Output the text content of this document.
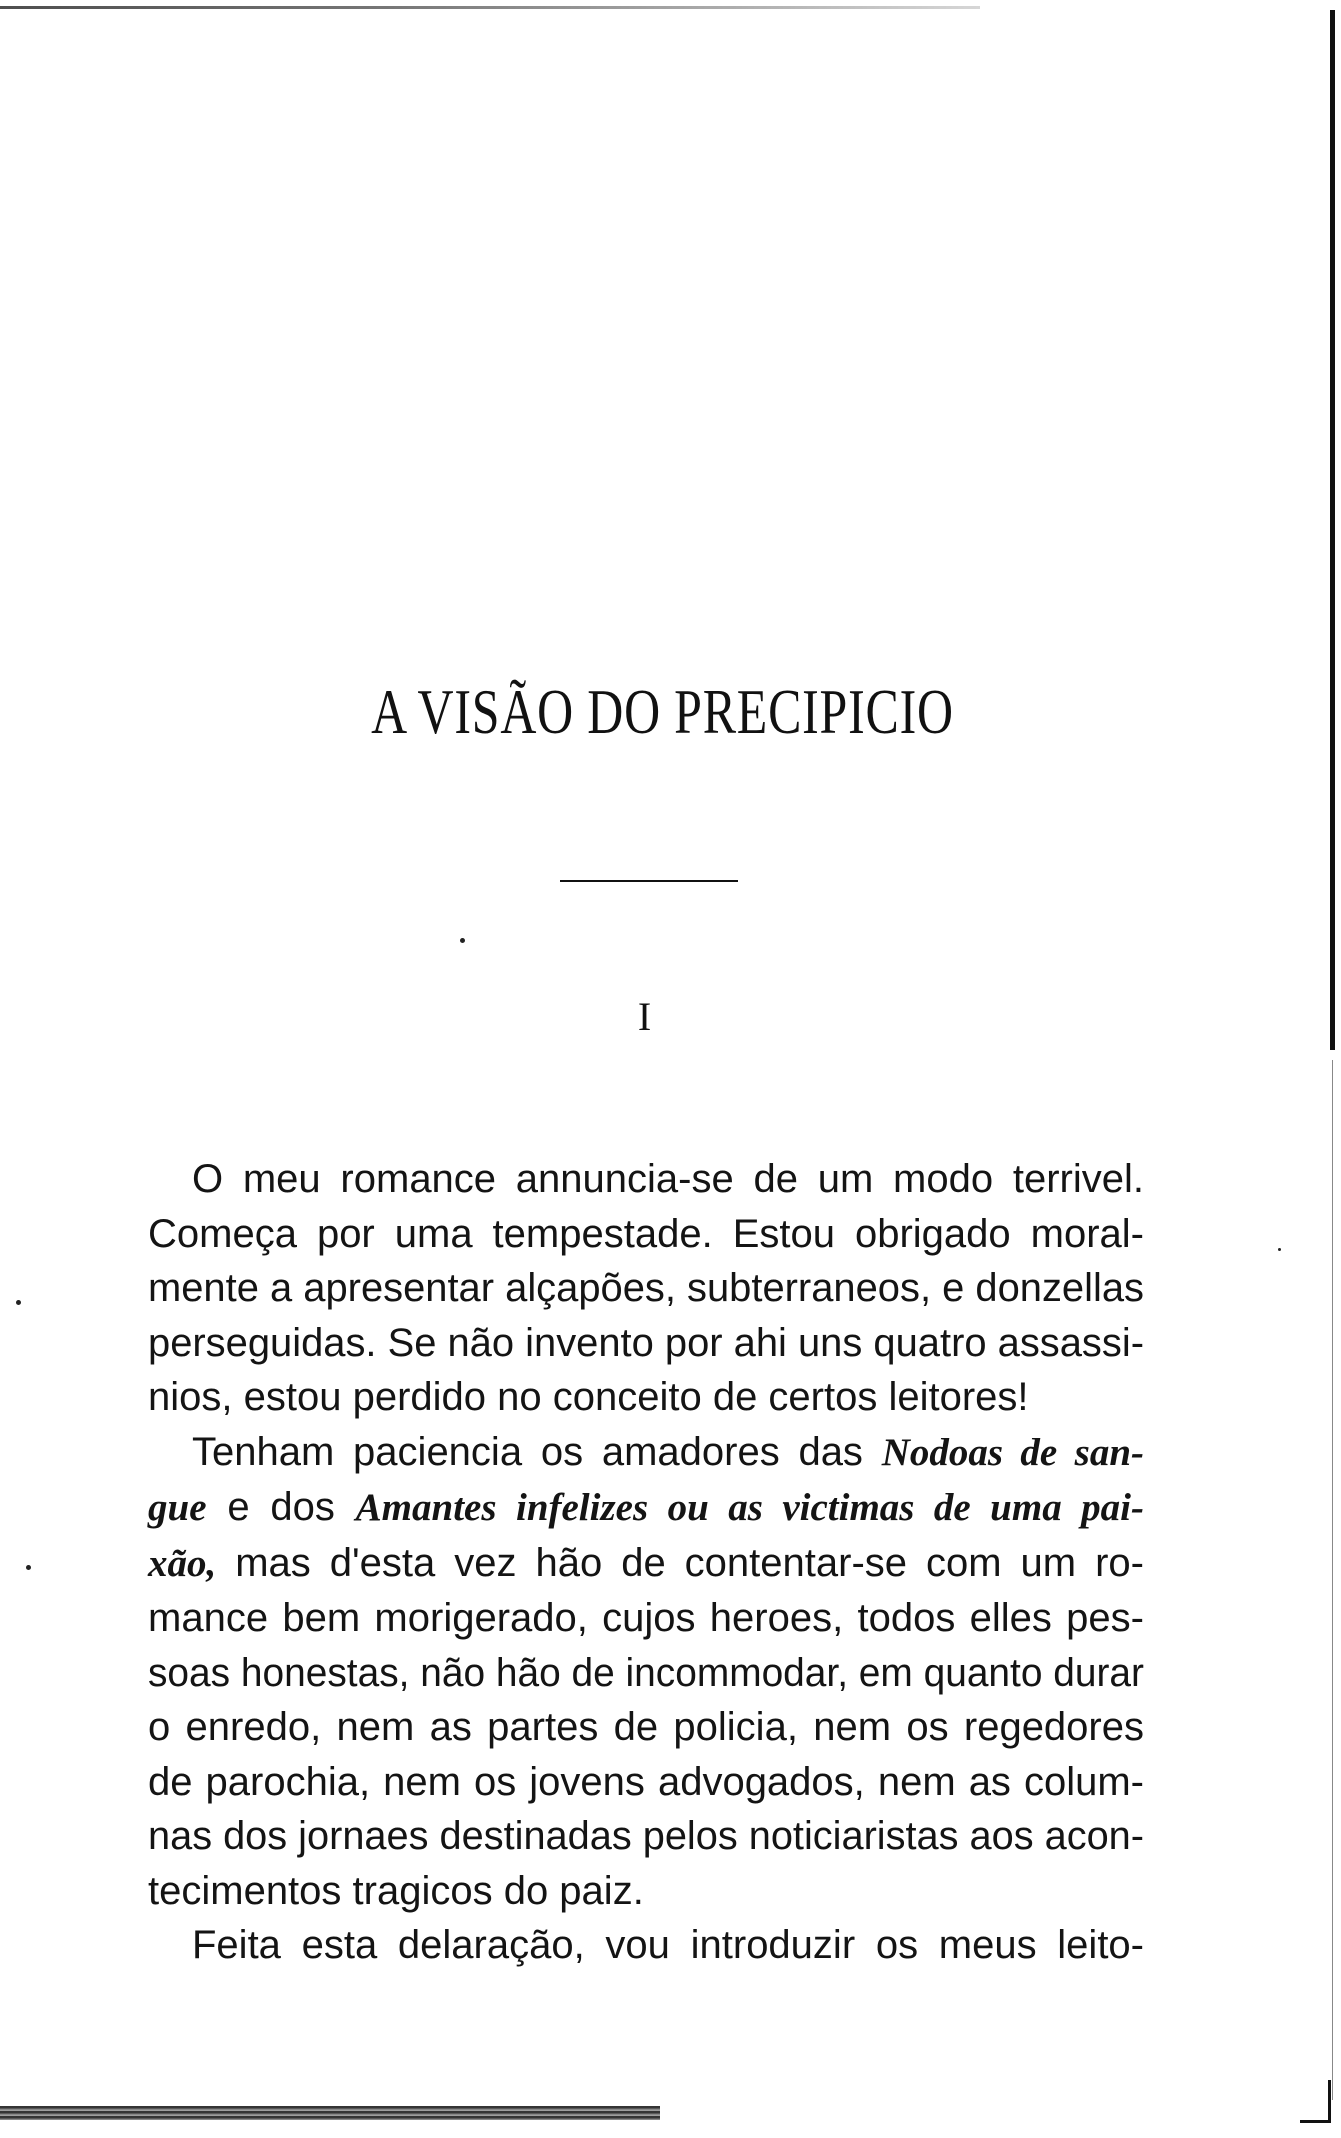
A VISÃO DO PRECIPICIO
I
O meu romance annuncia-se de um modo terrivel.
Começa por uma tempestade. Estou obrigado moral-
mente a apresentar alçapões, subterraneos, e donzellas
perseguidas. Se não invento por ahi uns quatro assassi-
nios, estou perdido no conceito de certos leitores!
Tenham paciencia os amadores das Nodoas de san-
gue e dos Amantes infelizes ou as victimas de uma pai-
xão, mas d'esta vez hão de contentar-se com um ro-
mance bem morigerado, cujos heroes, todos elles pes-
soas honestas, não hão de incommodar, em quanto durar
o enredo, nem as partes de policia, nem os regedores
de parochia, nem os jovens advogados, nem as colum-
nas dos jornaes destinadas pelos noticiaristas aos acon-
tecimentos tragicos do paiz.
Feita esta delaração, vou introduzir os meus leito-
